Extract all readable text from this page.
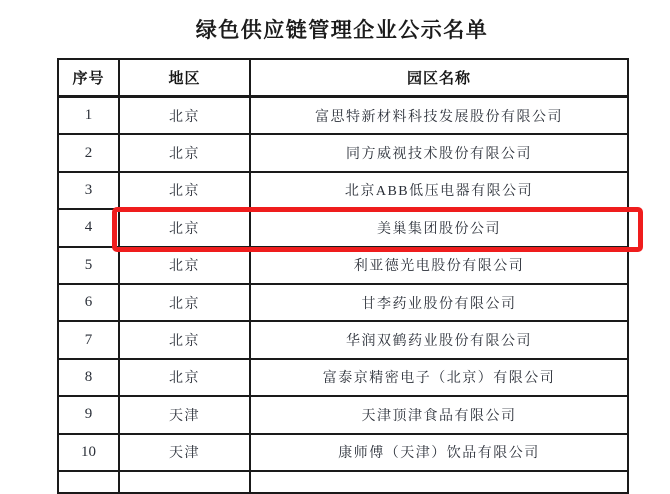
绿色供应链管理企业公示名单
序号	地区	园区名称
1	北京	富思特新材料科技发展股份有限公司
2	北京	同方威视技术股份有限公司
3	北京	北京ABB低压电器有限公司
4	北京	美巢集团股份公司
5	北京	利亚德光电股份有限公司
6	北京	甘李药业股份有限公司
7	北京	华润双鹤药业股份有限公司
8	北京	富泰京精密电子（北京）有限公司
9	天津	天津顶津食品有限公司
10	天津	康师傅（天津）饮品有限公司
